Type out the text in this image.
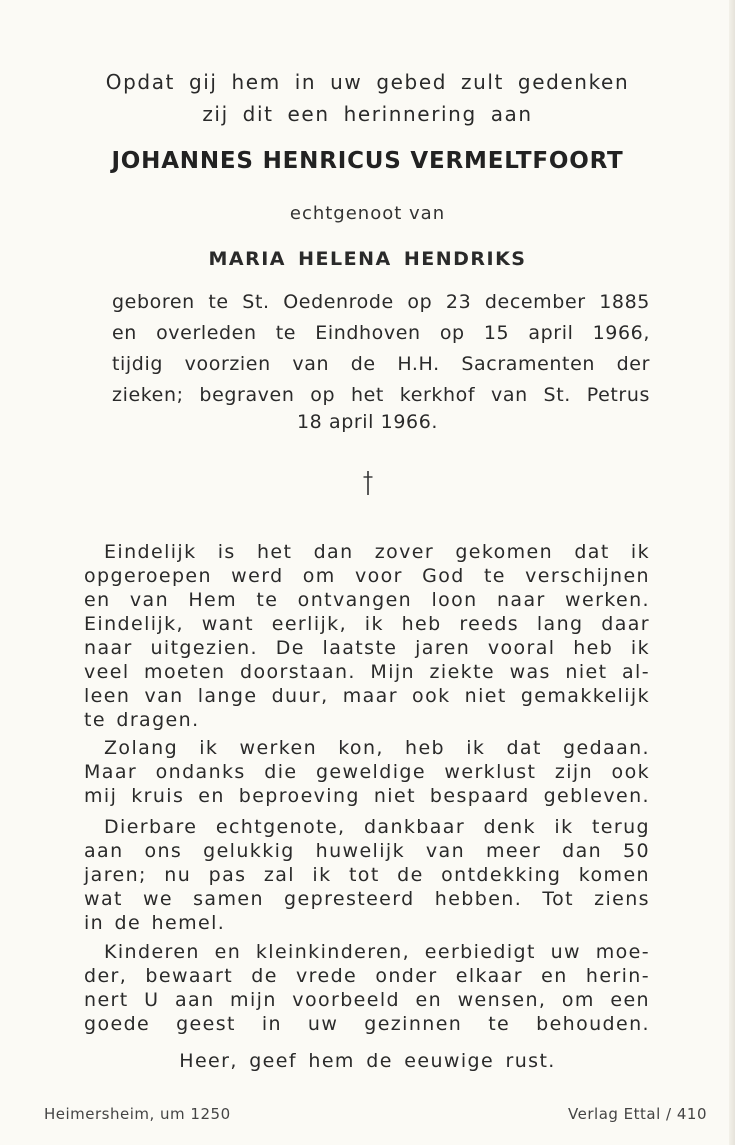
Opdat gij hem in uw gebed zult gedenken
zij dit een herinnering aan
JOHANNES HENRICUS VERMELTFOORT
echtgenoot van
MARIA HELENA HENDRIKS
geboren te St. Oedenrode op 23 december 1885
en overleden te Eindhoven op 15 april 1966,
tijdig voorzien van de H.H. Sacramenten der
zieken; begraven op het kerkhof van St. Petrus
18 april 1966.
Eindelijk is het dan zover gekomen dat ik
opgeroepen werd om voor God te verschijnen
en van Hem te ontvangen loon naar werken.
Eindelijk, want eerlijk, ik heb reeds lang daar
naar uitgezien. De laatste jaren vooral heb ik
veel moeten doorstaan. Mijn ziekte was niet al-
leen van lange duur, maar ook niet gemakkelijk
te dragen.
Zolang ik werken kon, heb ik dat gedaan.
Maar ondanks die geweldige werklust zijn ook
mij kruis en beproeving niet bespaard gebleven.
Dierbare echtgenote, dankbaar denk ik terug
aan ons gelukkig huwelijk van meer dan 50
jaren; nu pas zal ik tot de ontdekking komen
wat we samen gepresteerd hebben. Tot ziens
in de hemel.
Kinderen en kleinkinderen, eerbiedigt uw moe-
der, bewaart de vrede onder elkaar en herin-
nert U aan mijn voorbeeld en wensen, om een
goede geest in uw gezinnen te behouden.
Heer, geef hem de eeuwige rust.
Heimersheim, um 1250	Verlag Ettal / 410
